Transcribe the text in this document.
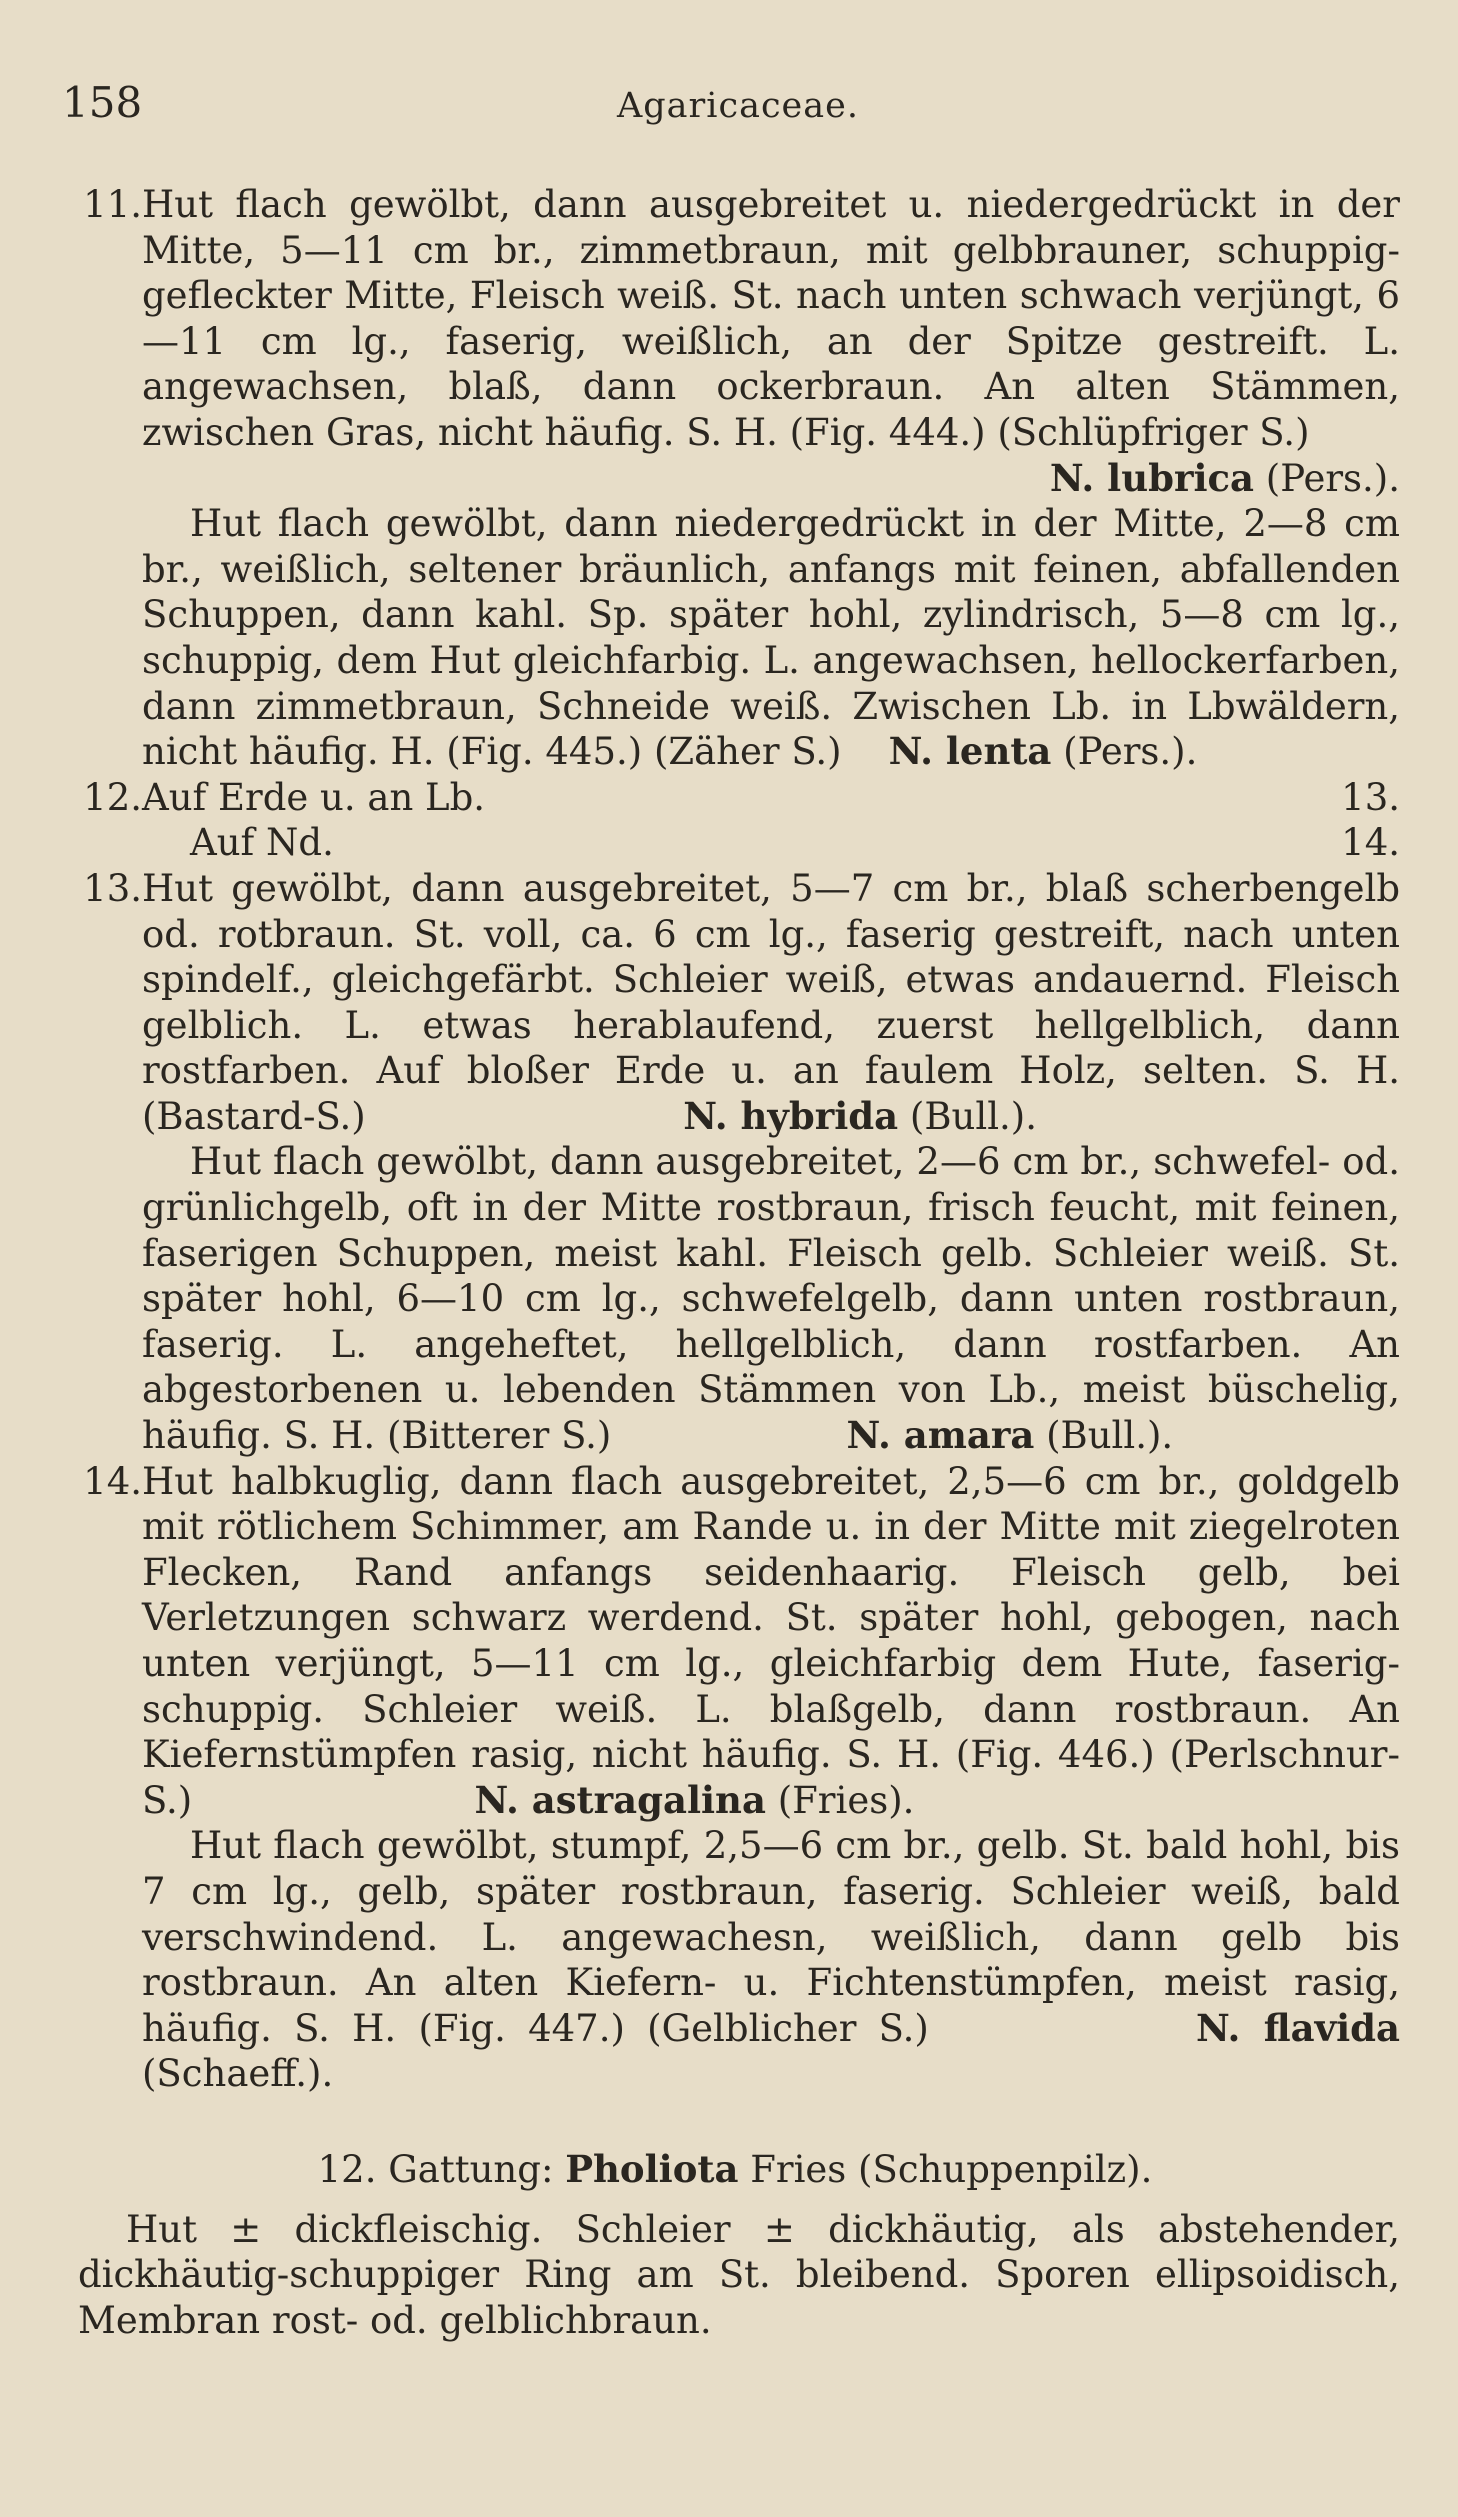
158	Agaricaceae.
11. Hut flach gewölbt, dann ausgebreitet u. niedergedrückt in der Mitte, 5—11 cm br., zimmetbraun, mit gelbbrauner, schuppig-gefleckter Mitte, Fleisch weiß. St. nach unten schwach verjüngt, 6—11 cm lg., faserig, weißlich, an der Spitze gestreift. L. angewachsen, blaß, dann ockerbraun. An alten Stämmen, zwischen Gras, nicht häufig. S. H. (Fig. 444.) (Schlüpfriger S.)

N. lubrica (Pers.).

Hut flach gewölbt, dann niedergedrückt in der Mitte, 2—8 cm br., weißlich, seltener bräunlich, anfangs mit feinen, abfallenden Schuppen, dann kahl. Sp. später hohl, zylindrisch, 5—8 cm lg., schuppig, dem Hut gleichfarbig. L. angewachsen, hellockerfarben, dann zimmetbraun, Schneide weiß. Zwischen Lb. in Lbwäldern, nicht häufig. H. (Fig. 445.) (Zäher S.) N. lenta (Pers.).

12. Auf Erde u. an Lb.	13.
Auf Nd.	14.
13. Hut gewölbt, dann ausgebreitet, 5—7 cm br., blaß scherbengelb od. rotbraun. St. voll, ca. 6 cm lg., faserig gestreift, nach unten spindelf., gleichgefärbt. Schleier weiß, etwas andauernd. Fleisch gelblich. L. etwas herablaufend, zuerst hellgelblich, dann rostfarben. Auf bloßer Erde u. an faulem Holz, selten. S. H. (Bastard-S.)	N. hybrida (Bull.).

Hut flach gewölbt, dann ausgebreitet, 2—6 cm br., schwefel- od. grünlichgelb, oft in der Mitte rostbraun, frisch feucht, mit feinen, faserigen Schuppen, meist kahl. Fleisch gelb. Schleier weiß. St. später hohl, 6—10 cm lg., schwefelgelb, dann unten rostbraun, faserig. L. angeheftet, hellgelblich, dann rostfarben. An abgestorbenen u. lebenden Stämmen von Lb., meist büschelig, häufig. S. H. (Bitterer S.)	N. amara (Bull.).

14. Hut halbkuglig, dann flach ausgebreitet, 2,5—6 cm br., goldgelb mit rötlichem Schimmer, am Rande u. in der Mitte mit ziegelroten Flecken, Rand anfangs seidenhaarig. Fleisch gelb, bei Verletzungen schwarz werdend. St. später hohl, gebogen, nach unten verjüngt, 5—11 cm lg., gleichfarbig dem Hute, faserig-schuppig. Schleier weiß. L. blaßgelb, dann rostbraun. An Kiefernstümpfen rasig, nicht häufig. S. H. (Fig. 446.) (Perlschnur-S.)	N. astragalina (Fries).

Hut flach gewölbt, stumpf, 2,5—6 cm br., gelb. St. bald hohl, bis 7 cm lg., gelb, später rostbraun, faserig. Schleier weiß, bald verschwindend. L. angewachesn, weißlich, dann gelb bis rostbraun. An alten Kiefern- u. Fichtenstümpfen, meist rasig, häufig. S. H. (Fig. 447.) (Gelblicher S.)	N. flavida (Schaeff.).

12. Gattung: Pholiota Fries (Schuppenpilz).

Hut ± dickfleischig. Schleier ± dickhäutig, als abstehender, dickhäutig-schuppiger Ring am St. bleibend. Sporen ellipsoidisch, Membran rost- od. gelblichbraun.
